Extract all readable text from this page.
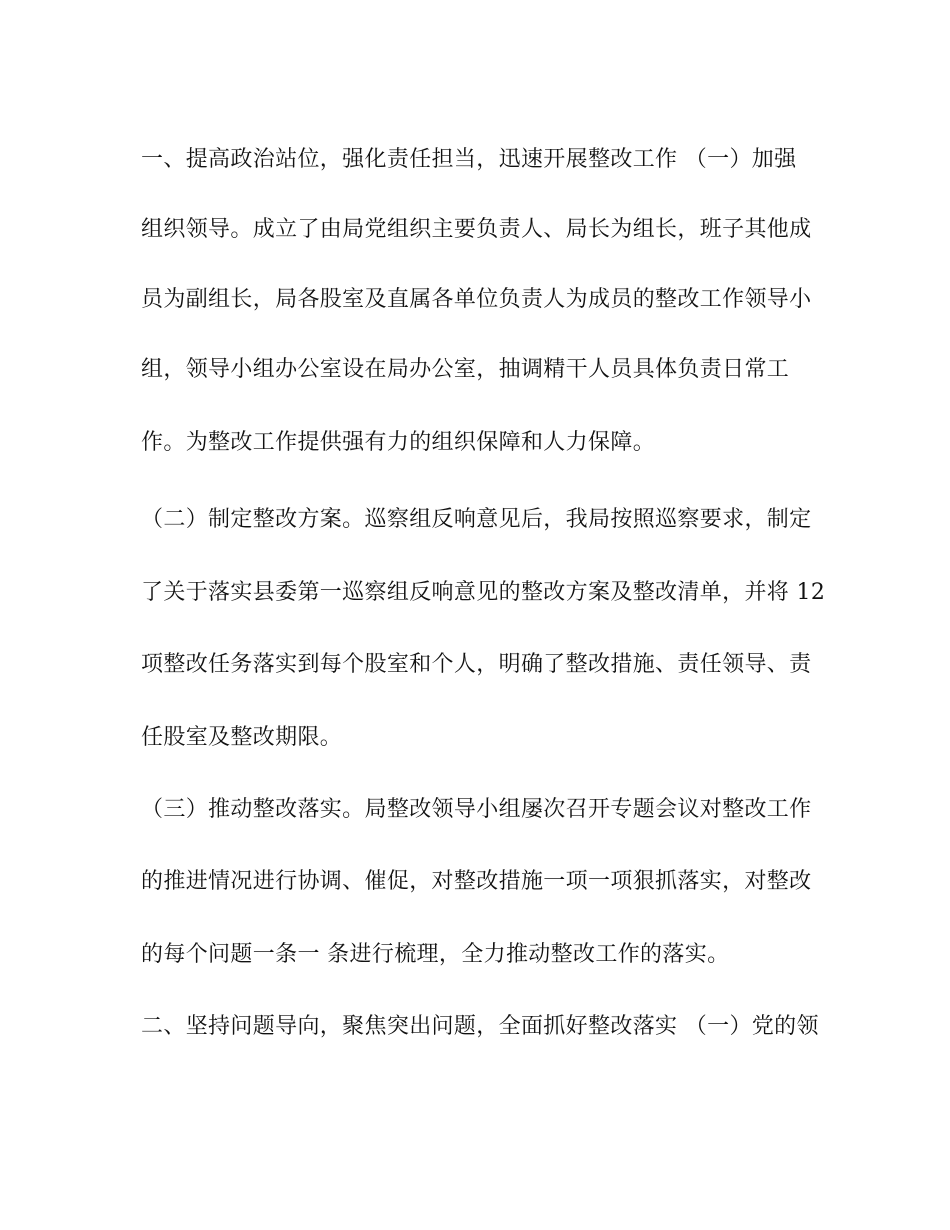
一、提高政治站位，强化责任担当，迅速开展整改工作 （一）加强
组织领导。成立了由局党组织主要负责人、局长为组长，班子其他成
员为副组长，局各股室及直属各单位负责人为成员的整改工作领导小
组，领导小组办公室设在局办公室，抽调精干人员具体负责日常工
作。为整改工作提供强有力的组织保障和人力保障。
（二）制定整改方案。巡察组反响意见后，我局按照巡察要求，制定
了关于落实县委第一巡察组反响意见的整改方案及整改清单，并将 12
项整改任务落实到每个股室和个人，明确了整改措施、责任领导、责
任股室及整改期限。
（三）推动整改落实。局整改领导小组屡次召开专题会议对整改工作
的推进情况进行协调、催促，对整改措施一项一项狠抓落实，对整改
的每个问题一条一 条进行梳理，全力推动整改工作的落实。
二、坚持问题导向，聚焦突出问题，全面抓好整改落实 （一）党的领
